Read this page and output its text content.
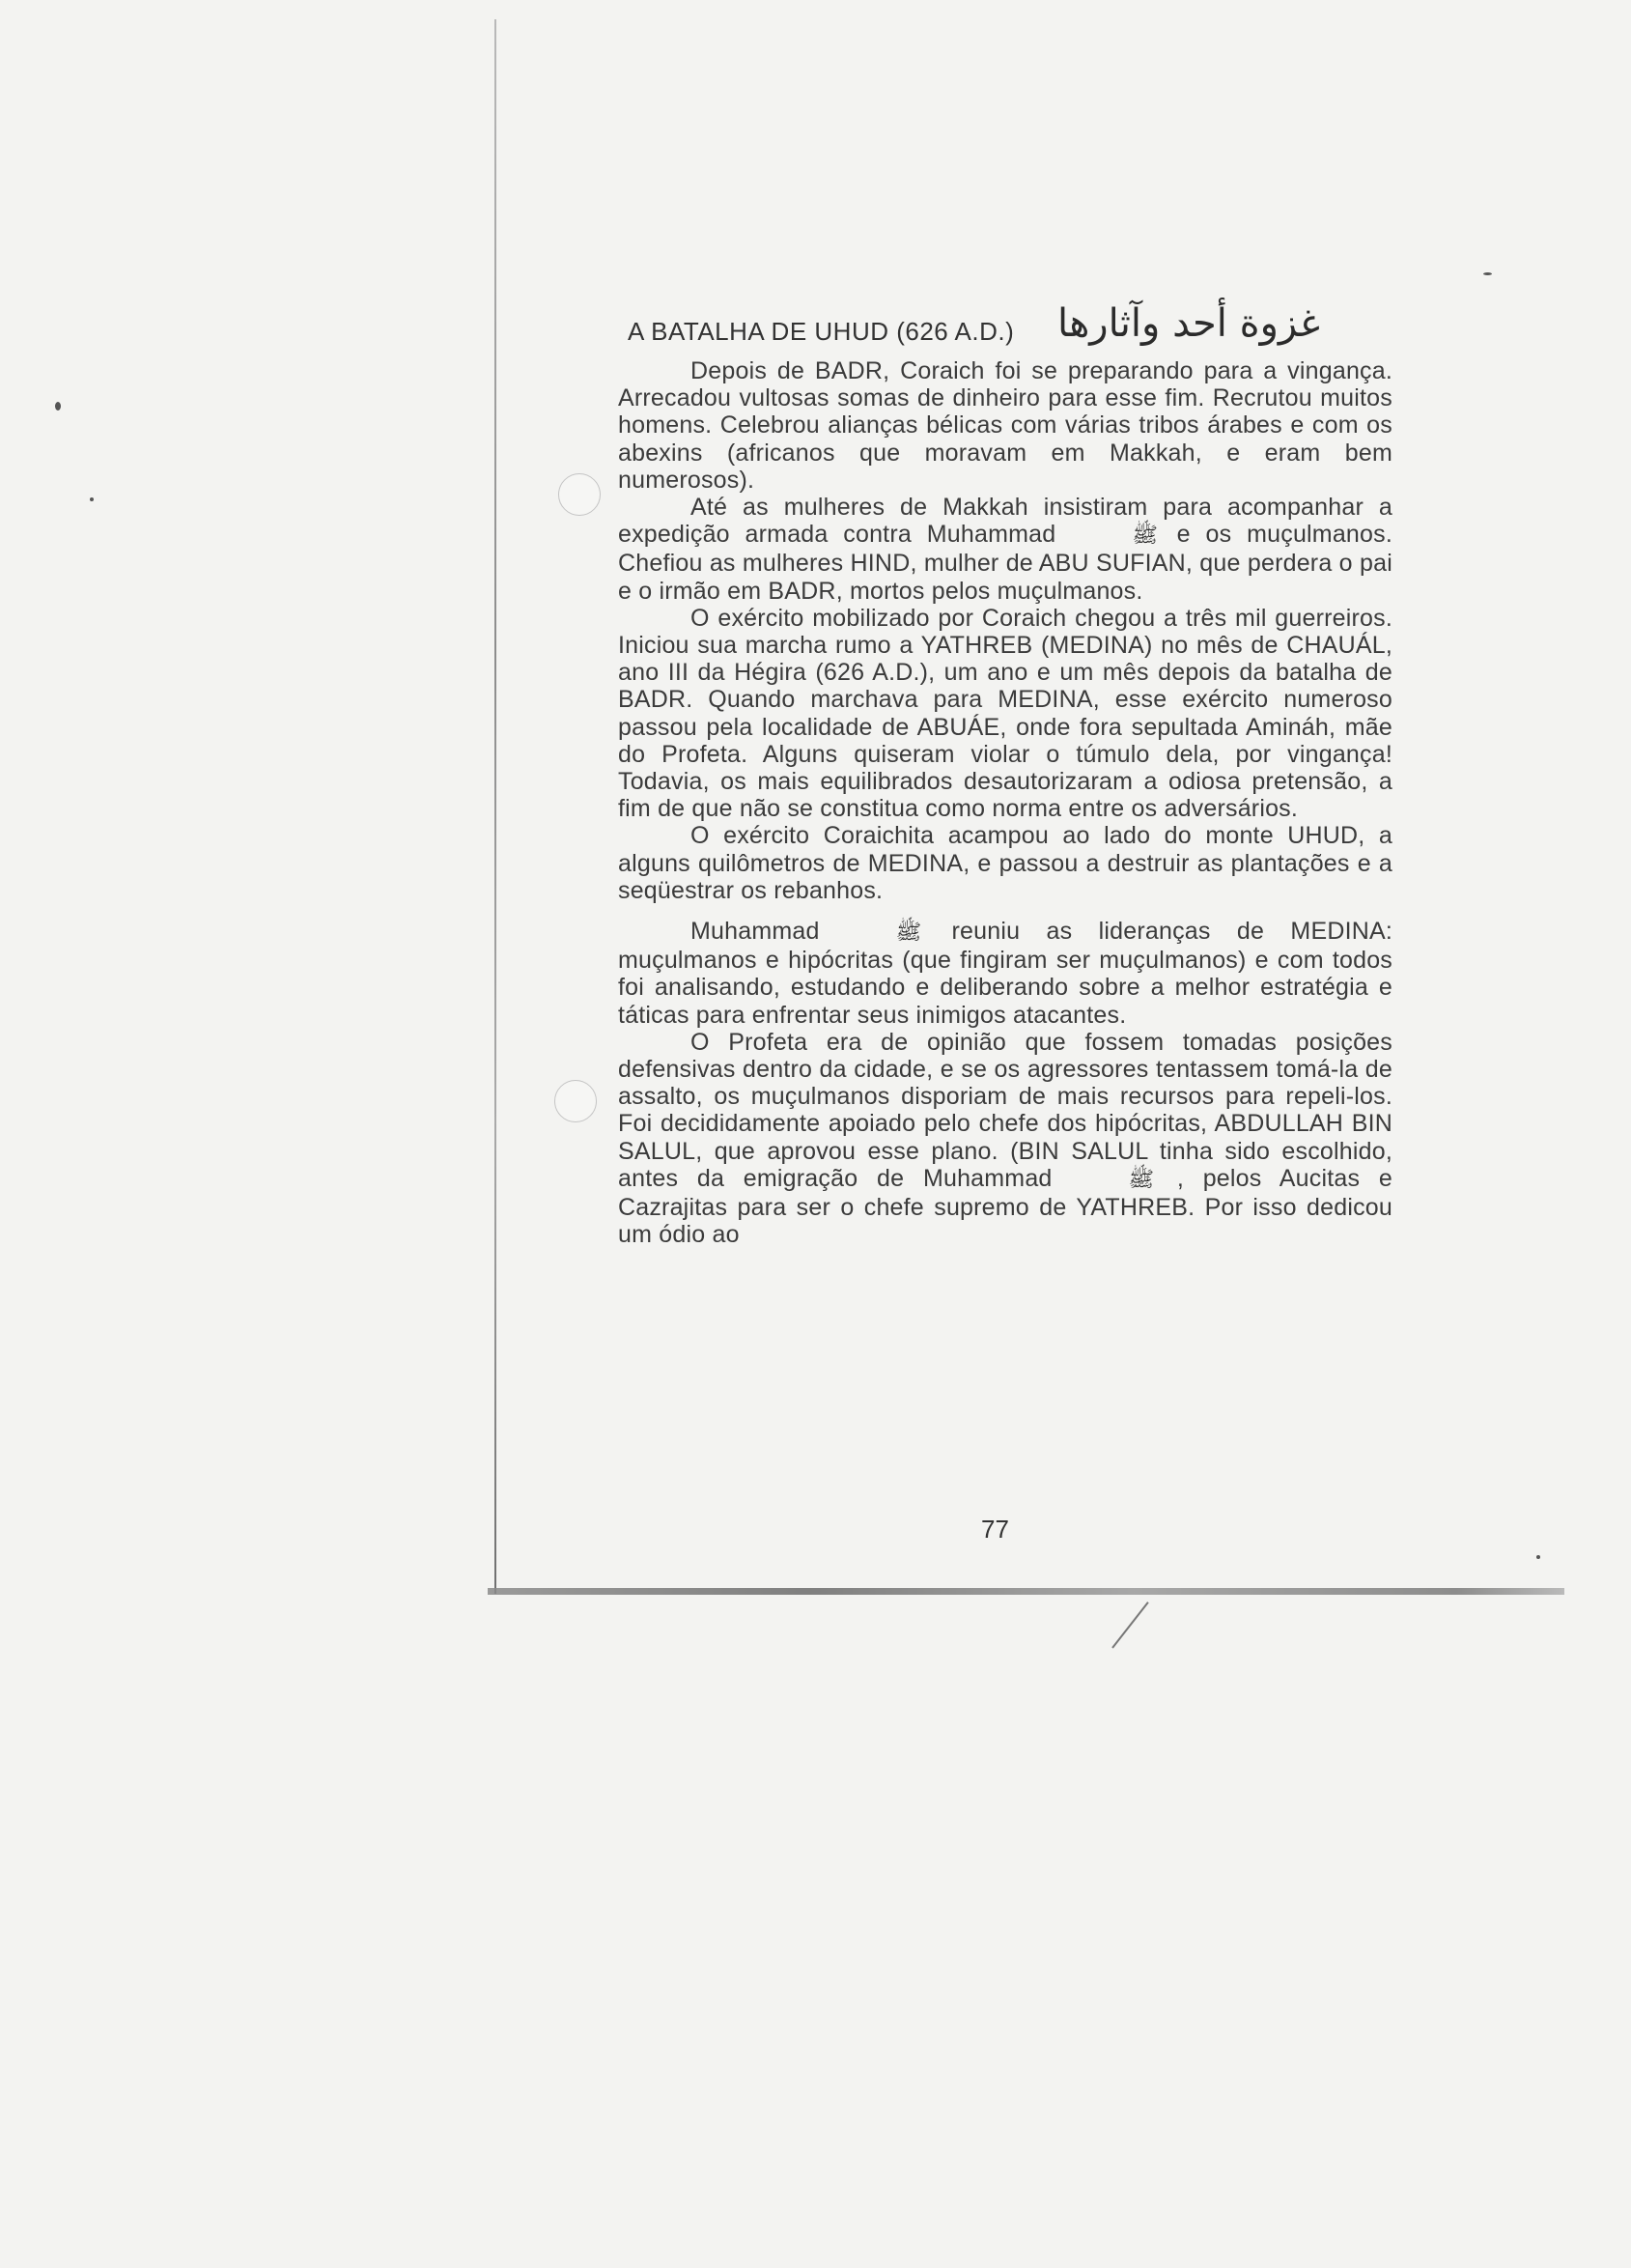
A BATALHA DE UHUD (626 A.D.) غزوة أحد وآثارها

Depois de BADR, Coraich foi se preparando para a vingança. Arrecadou vultosas somas de dinheiro para esse fim. Recrutou muitos homens. Celebrou alianças bélicas com várias tribos árabes e com os abexins (africanos que moravam em Makkah, e eram bem numerosos).

Até as mulheres de Makkah insistiram para acompanhar a expedição armada contra Muhammad	ﷺ e os muçulmanos. Chefiou as mulheres HIND, mulher de ABU SUFIAN, que perdera o pai e o irmão em BADR, mortos pelos muçulmanos.

O exército mobilizado por Coraich chegou a três mil guerreiros. Iniciou sua marcha rumo a YATHREB (MEDINA) no mês de CHAUÁL, ano III da Hégira (626 A.D.), um ano e um mês depois da batalha de BADR. Quando marchava para MEDINA, esse exército numeroso passou pela localidade de ABUÁE, onde fora sepultada Amináh, mãe do Profeta. Alguns quiseram violar o túmulo dela, por vingança! Todavia, os mais equilibrados desautorizaram a odiosa pretensão, a fim de que não se constitua como norma entre os adversários.

O exército Coraichita acampou ao lado do monte UHUD, a alguns quilômetros de MEDINA, e passou a destruir as plantações e a seqüestrar os rebanhos.

Muhammad	ﷺ reuniu as lideranças de MEDINA: muçulmanos e hipócritas (que fingiram ser muçulmanos) e com todos foi analisando, estudando e deliberando sobre a melhor estratégia e táticas para enfrentar seus inimigos atacantes.

O Profeta era de opinião que fossem tomadas posições defensivas dentro da cidade, e se os agressores tentassem tomá-la de assalto, os muçulmanos disporiam de mais recursos para repeli-los. Foi decididamente apoiado pelo chefe dos hipócritas, ABDULLAH BIN SALUL, que aprovou esse plano. (BIN SALUL tinha sido escolhido, antes da emigração de Muhammad	ﷺ , pelos Aucitas e Cazrajitas para ser o chefe supremo de YATHREB. Por isso dedicou um ódio ao

77
